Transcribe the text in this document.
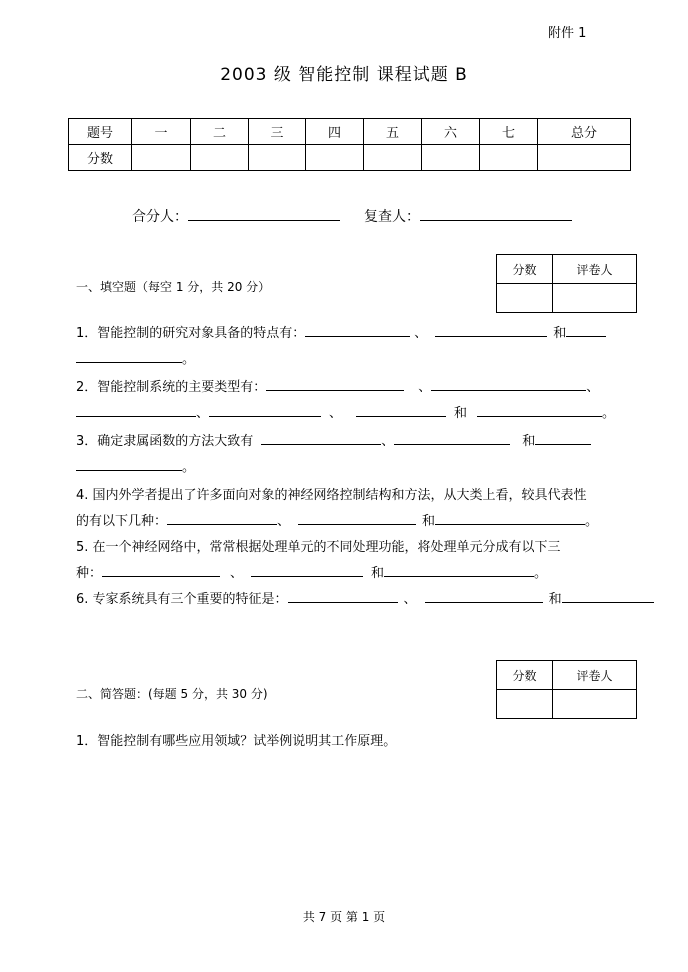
附件 1
2003 级 智能控制 课程试题 B
题号	一	二	三	四	五	六	七	总分
分数								
合分人：	复查人：
分数	评卷人

一、填空题（每空 1 分，共 20 分）
1．智能控制的研究对象具备的特点有：	、	和
。
2．智能控制系统的主要类型有：	、	、
、	、	和	。
3．确定隶属函数的方法大致有	、	和
。
4. 国内外学者提出了许多面向对象的神经网络控制结构和方法，从大类上看，较具代表性
的有以下几种：	、	和	。
5. 在一个神经网络中，常常根据处理单元的不同处理功能，将处理单元分成有以下三
种：	、	和	。
6. 专家系统具有三个重要的特征是：	、	和
分数	评卷人

二、简答题：(每题 5 分，共 30 分)
1．智能控制有哪些应用领域？试举例说明其工作原理。
共 7 页 第 1 页
